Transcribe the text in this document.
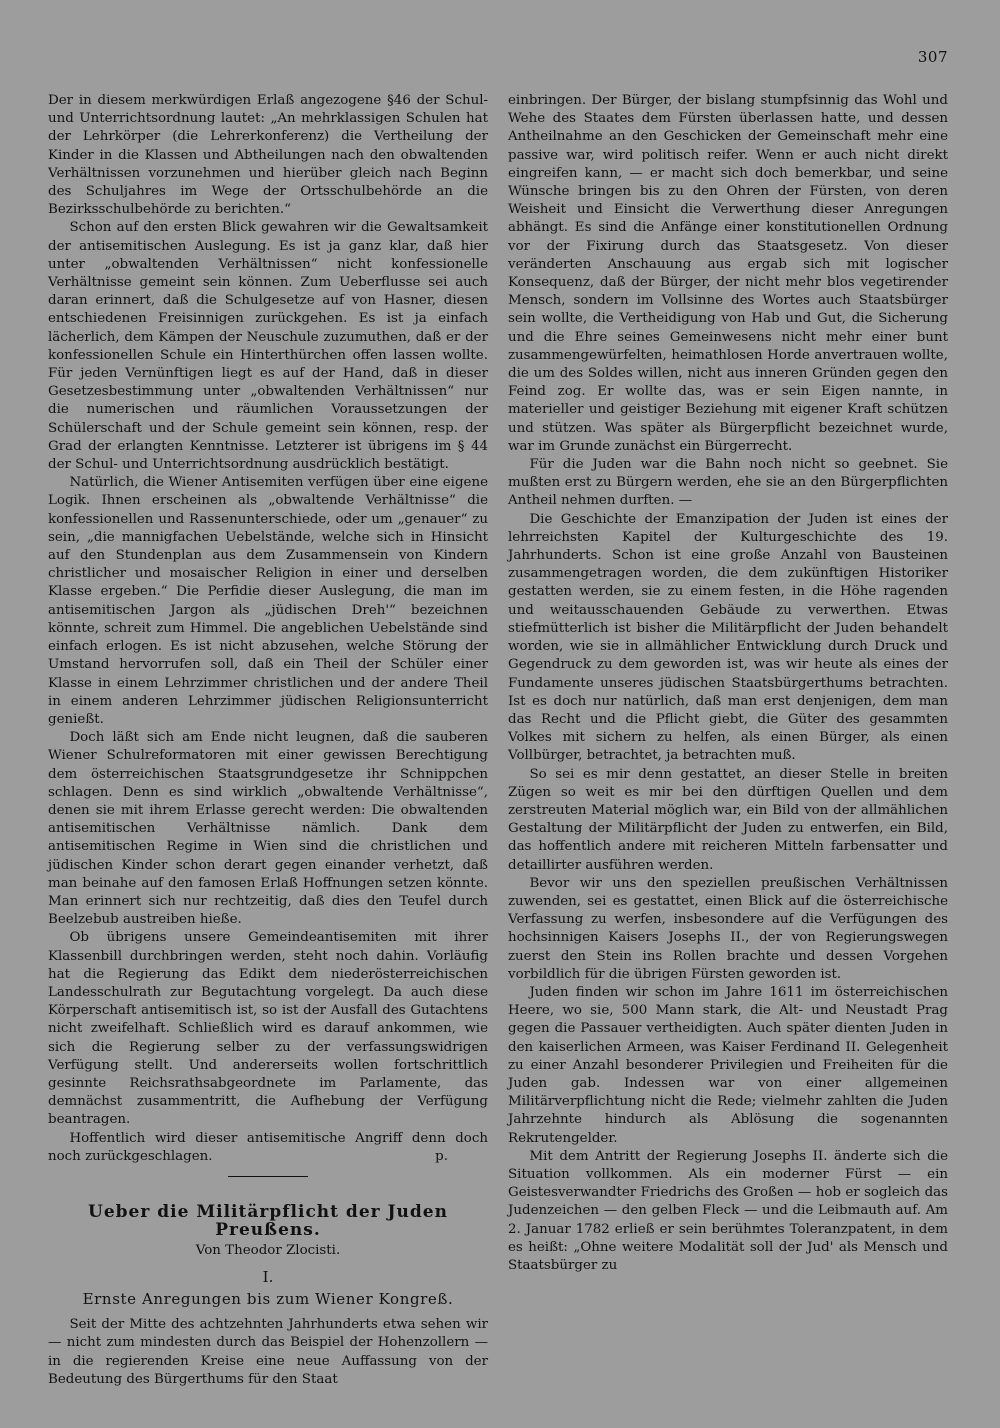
307

Der in diesem merkwürdigen Erlaß angezogene §46 der Schul- und Unterrichtsordnung lautet: „An mehrklassigen Schulen hat der Lehrkörper (die Lehrerkonferenz) die Vertheilung der Kinder in die Klassen und Abtheilungen nach den obwaltenden Verhältnissen vorzunehmen und hierüber gleich nach Beginn des Schuljahres im Wege der Ortsschulbehörde an die Bezirksschulbehörde zu berichten.“

Schon auf den ersten Blick gewahren wir die Gewaltsamkeit der antisemitischen Auslegung. Es ist ja ganz klar, daß hier unter „obwaltenden Verhältnissen“ nicht konfessionelle Verhältnisse gemeint sein können. Zum Ueberflusse sei auch daran erinnert, daß die Schulgesetze auf von Hasner, diesen entschiedenen Freisinnigen zurückgehen. Es ist ja einfach lächerlich, dem Kämpen der Neuschule zuzumuthen, daß er der konfessionellen Schule ein Hinterthürchen offen lassen wollte. Für jeden Vernünftigen liegt es auf der Hand, daß in dieser Gesetzesbestimmung unter „obwaltenden Verhältnissen“ nur die numerischen und räumlichen Voraussetzungen der Schülerschaft und der Schule gemeint sein können, resp. der Grad der erlangten Kenntnisse. Letzterer ist übrigens im § 44 der Schul- und Unterrichtsordnung ausdrücklich bestätigt.

Natürlich, die Wiener Antisemiten verfügen über eine eigene Logik. Ihnen erscheinen als „obwaltende Verhältnisse“ die konfessionellen und Rassenunterschiede, oder um „genauer“ zu sein, „die mannigfachen Uebelstände, welche sich in Hinsicht auf den Stundenplan aus dem Zusammensein von Kindern christlicher und mosaischer Religion in einer und derselben Klasse ergeben.“ Die Perfidie dieser Auslegung, die man im antisemitischen Jargon als „jüdischen Dreh'“ bezeichnen könnte, schreit zum Himmel. Die angeblichen Uebelstände sind einfach erlogen. Es ist nicht abzusehen, welche Störung der Umstand hervorrufen soll, daß ein Theil der Schüler einer Klasse in einem Lehrzimmer christlichen und der andere Theil in einem anderen Lehrzimmer jüdischen Religionsunterricht genießt.

Doch läßt sich am Ende nicht leugnen, daß die sauberen Wiener Schulreformatoren mit einer gewissen Berechtigung dem österreichischen Staatsgrundgesetze ihr Schnippchen schlagen. Denn es sind wirklich „obwaltende Verhältnisse“, denen sie mit ihrem Erlasse gerecht werden: Die obwaltenden antisemitischen Verhältnisse nämlich. Dank dem antisemitischen Regime in Wien sind die christlichen und jüdischen Kinder schon derart gegen einander verhetzt, daß man beinahe auf den famosen Erlaß Hoffnungen setzen könnte. Man erinnert sich nur rechtzeitig, daß dies den Teufel durch Beelzebub austreiben hieße.

Ob übrigens unsere Gemeindeantisemiten mit ihrer Klassenbill durchbringen werden, steht noch dahin. Vorläufig hat die Regierung das Edikt dem niederösterreichischen Landesschulrath zur Begutachtung vorgelegt. Da auch diese Körperschaft antisemitisch ist, so ist der Ausfall des Gutachtens nicht zweifelhaft. Schließlich wird es darauf ankommen, wie sich die Regierung selber zu der verfassungswidrigen Verfügung stellt. Und andererseits wollen fortschrittlich gesinnte Reichsrathsabgeordnete im Parlamente, das demnächst zusammentritt, die Aufhebung der Verfügung beantragen.

Hoffentlich wird dieser antisemitische Angriff denn doch noch zurückgeschlagen.	p.
Ueber die Militärpflicht der Juden Preußens.
Von Theodor Zlocisti.
I.
Ernste Anregungen bis zum Wiener Kongreß.

Seit der Mitte des achtzehnten Jahrhunderts etwa sehen wir — nicht zum mindesten durch das Beispiel der Hohenzollern — in die regierenden Kreise eine neue Auffassung von der Bedeutung des Bürgerthums für den Staat

einbringen. Der Bürger, der bislang stumpfsinnig das Wohl und Wehe des Staates dem Fürsten überlassen hatte, und dessen Antheilnahme an den Geschicken der Gemeinschaft mehr eine passive war, wird politisch reifer. Wenn er auch nicht direkt eingreifen kann, — er macht sich doch bemerkbar, und seine Wünsche bringen bis zu den Ohren der Fürsten, von deren Weisheit und Einsicht die Verwerthung dieser Anregungen abhängt. Es sind die Anfänge einer konstitutionellen Ordnung vor der Fixirung durch das Staatsgesetz. Von dieser veränderten Anschauung aus ergab sich mit logischer Konsequenz, daß der Bürger, der nicht mehr blos vegetirender Mensch, sondern im Vollsinne des Wortes auch Staatsbürger sein wollte, die Vertheidigung von Hab und Gut, die Sicherung und die Ehre seines Gemeinwesens nicht mehr einer bunt zusammengewürfelten, heimathlosen Horde anvertrauen wollte, die um des Soldes willen, nicht aus inneren Gründen gegen den Feind zog. Er wollte das, was er sein Eigen nannte, in materieller und geistiger Beziehung mit eigener Kraft schützen und stützen. Was später als Bürgerpflicht bezeichnet wurde, war im Grunde zunächst ein Bürgerrecht.

Für die Juden war die Bahn noch nicht so geebnet. Sie mußten erst zu Bürgern werden, ehe sie an den Bürgerpflichten Antheil nehmen durften. —

Die Geschichte der Emanzipation der Juden ist eines der lehrreichsten Kapitel der Kulturgeschichte des 19. Jahrhunderts. Schon ist eine große Anzahl von Bausteinen zusammengetragen worden, die dem zukünftigen Historiker gestatten werden, sie zu einem festen, in die Höhe ragenden und weitausschauenden Gebäude zu verwerthen. Etwas stiefmütterlich ist bisher die Militärpflicht der Juden behandelt worden, wie sie in allmählicher Entwicklung durch Druck und Gegendruck zu dem geworden ist, was wir heute als eines der Fundamente unseres jüdischen Staatsbürgerthums betrachten. Ist es doch nur natürlich, daß man erst denjenigen, dem man das Recht und die Pflicht giebt, die Güter des gesammten Volkes mit sichern zu helfen, als einen Bürger, als einen Vollbürger, betrachtet, ja betrachten muß.

So sei es mir denn gestattet, an dieser Stelle in breiten Zügen so weit es mir bei den dürftigen Quellen und dem zerstreuten Material möglich war, ein Bild von der allmählichen Gestaltung der Militärpflicht der Juden zu entwerfen, ein Bild, das hoffentlich andere mit reicheren Mitteln farbensatter und detaillirter ausführen werden.

Bevor wir uns den speziellen preußischen Verhältnissen zuwenden, sei es gestattet, einen Blick auf die österreichische Verfassung zu werfen, insbesondere auf die Verfügungen des hochsinnigen Kaisers Josephs II., der von Regierungswegen zuerst den Stein ins Rollen brachte und dessen Vorgehen vorbildlich für die übrigen Fürsten geworden ist.

Juden finden wir schon im Jahre 1611 im österreichischen Heere, wo sie, 500 Mann stark, die Alt- und Neustadt Prag gegen die Passauer vertheidigten. Auch später dienten Juden in den kaiserlichen Armeen, was Kaiser Ferdinand II. Gelegenheit zu einer Anzahl besonderer Privilegien und Freiheiten für die Juden gab. Indessen war von einer allgemeinen Militärverpflichtung nicht die Rede; vielmehr zahlten die Juden Jahrzehnte hindurch als Ablösung die sogenannten Rekrutengelder.

Mit dem Antritt der Regierung Josephs II. änderte sich die Situation vollkommen. Als ein moderner Fürst — ein Geistesverwandter Friedrichs des Großen — hob er sogleich das Judenzeichen — den gelben Fleck — und die Leibmauth auf. Am 2. Januar 1782 erließ er sein berühmtes Toleranzpatent, in dem es heißt: „Ohne weitere Modalität soll der Jud' als Mensch und Staatsbürger zu
